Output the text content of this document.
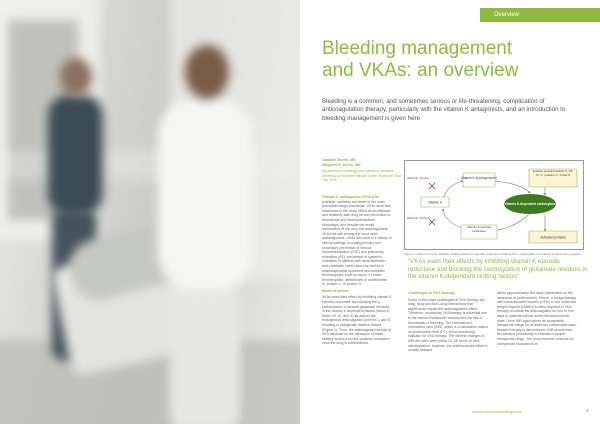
Overview
Bleeding management
and VKAs: an overview
Bleeding is a common, and sometimes serious or life-threatening, complication of anticoagulation therapy, particularly with the vitamin K antagonists, and an introduction to bleeding management is given here
Caroline Beeler, MD
Margaret R. Kerlin, MD
Department of Pathology and Laboratory Medicine, University of Rochester Medical Center, Rochester, New York, USA

Vitamin K antagonists (VKAs) for example, warfarin) are some of the most prescribed drugs worldwide. VKAs were first introduced in the early 1950s as an effective and relatively safe drug for the prevention of thrombosis and thromboembolism. Nowadays, and despite the broad introduction of the new oral anticoagulants, VKAs are still among the most used anticoagulants. VKAs are used in a variety of clinical settings, including primary and secondary prevention of venous thromboembolism (VTE) and pulmonary embolism (PE), prevention of systemic embolism in patients with atrial fibrillation and prosthetic heart valves as well as in antiphospholipid syndrome and selected thrombophilia, such as factor V Leiden thrombophilia, deficiencies of antithrombin III, protein C, or protein S.

Mode of action

VKAs exert their effect by inhibiting vitamin K epoxide reductase and blocking the γ-carboxylation of several glutamate residues in the vitamin K-dependent factors (factor II, factor VII, IX, and X) as well as the endogenous anticoagulant proteins C and S resulting in biologically inactive factors (Figure 1). Thus, the anticoagulant activity of VKA depends on the clearance of these clotting factors from the systemic circulation once the drug is administered.

Vitamin K (hydroquinone)
Vitamin K	Vitamin K-dependent carboxylase
Inactive proteins factors II, VII, IX, X, proteins C, S and Z
Vitamin K epoxide reductase
Activated proteins
Warfarin (VKAs)
Warfarin (VKAs)
Figure 1. Vitamin K cycle. Warfarin inhibits vitamin K epoxide reductase, blocking the γ-carboxylation of vitamin K-dependent proteins.
“VKAs exert their effects by inhibiting vitamin K epoxide reductase and blocking the carboxylation of glutamate residues in the vitamin K-dependent clotting factors”

Challenges in VKA therapy

Some of the major challenges of VKA therapy are drug, drug and food–drug interactions that significantly impact the anticoagulation effect. Therefore, monitoring VKA therapy is essential due to the narrow therapeutic window and the risk of thrombosis or bleeding. The International normalized ratio (INR), which is a calculation based on prothrombin time (PT), is the monitoring indicator for VKA therapy. The earliest changes in INR are often seen within 24–36 hours of VKA administration; however, the antithrombotic effect is usually delayed

within approximately five days (dependent on the clearance of prothrombin). Hence, a bridge therapy with unfractionated heparin (UFH) or low molecular weight heparin (LMWH) is often required in VKA therapy to initiate the anticoagulant for four to five days in patients with an active thromboembolic state. Once INR approaches an acceptable therapeutic range for at least two consecutive days, heparin therapy is discontinued. INR should then be checked periodically to maintain a proper therapeutic range. The most common reasons for unexpected fluctuations of

www.thrombosisknowledge.com	3
